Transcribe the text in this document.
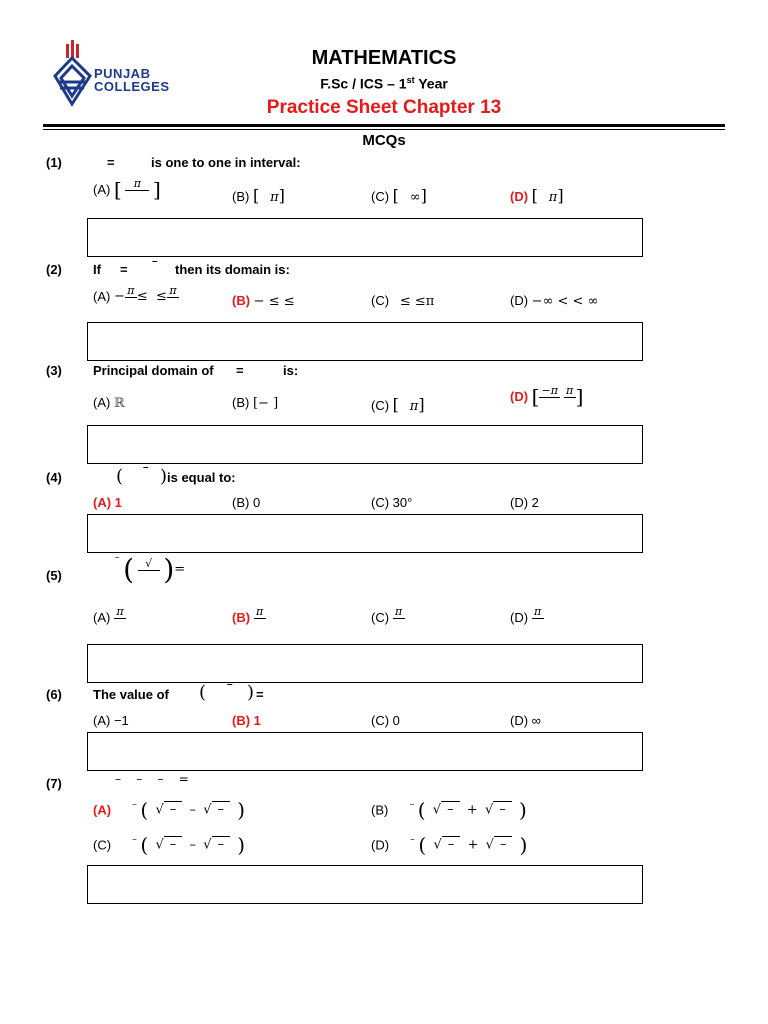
PUNJAB
COLLEGES
MATHEMATICS
F.Sc / ICS – 1st Year
Practice Sheet Chapter 13
MCQs
(1)	=	is one to one in interval:
(A) [	π ]	(B) [ π]	(C) [ ∞]	(D) [ π]
(2) If =
–
then its domain is:
(A) − π ≤  ≤ π
(B) − ≤ ≤	(C) ≤ ≤π	(D) −∞ < < ∞
(3) Principal domain of =	is:
(A) ℝ	(B) [− ]	(C) [ π]	(D) [ −π
π ]
(4)	( – ) is equal to:
(A) 1	(B) 0	(C) 30°	(D) 2
(5)
– (	√ )=
(A) π	(B) π	(C) π	(D) π
(6) The value of ( – ) =
(A) −1	(B) 1	(C) 0	(D) ∞
(7)	–    –    –    =
(A) – ( √ – – √ – )	(B) – ( √ – + √ – )
(C) – ( √ – – √ – )	(D) – ( √ – + √ – )
